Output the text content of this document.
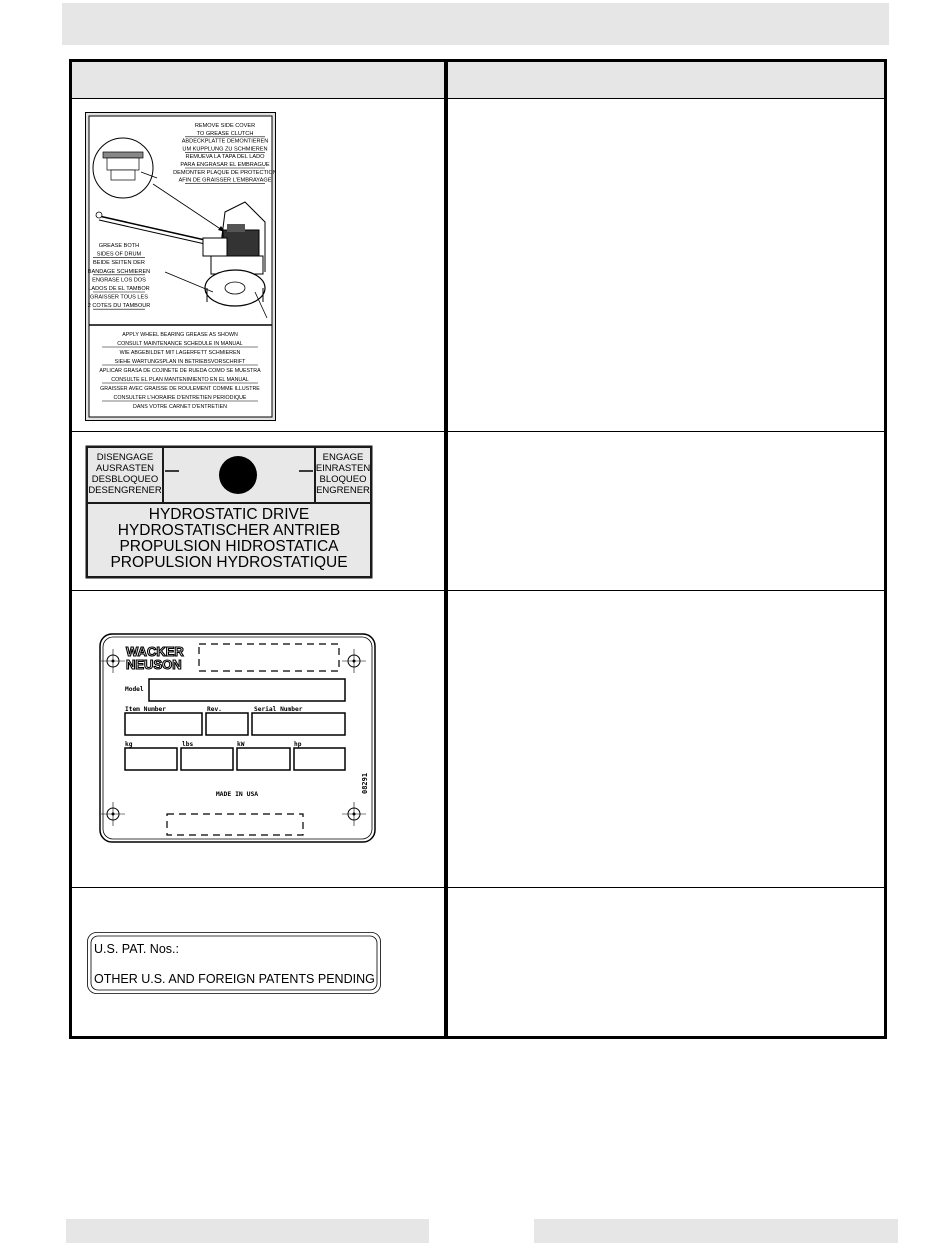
REMOVE SIDE COVER
TO GREASE CLUTCH
ABDECKPLATTE DEMONTIEREN
UM KUPPLUNG ZU SCHMIEREN
REMUEVA LA TAPA DEL LADO
PARA ENGRASAR EL EMBRAGUE
DEMONTER PLAQUE DE PROTECTION
AFIN DE GRAISSER L'EMBRAYAGE
GREASE BOTH
SIDES OF DRUM
BEIDE SEITEN DER
BANDAGE SCHMIEREN
ENGRASE LOS DOS
LADOS DE EL TAMBOR
GRAISSER TOUS LES
2 COTES DU TAMBOUR
APPLY WHEEL BEARING GREASE AS SHOWN
CONSULT MAINTENANCE SCHEDULE IN MANUAL
WIE ABGEBILDET MIT LAGERFETT SCHMIEREN
SIEHE WARTUNGSPLAN IN BETRIEBSVORSCHRIFT
APLICAR GRASA DE COJINETE DE RUEDA COMO SE MUESTRA
CONSULTE EL PLAN MANTENIMIENTO EN EL MANUAL
GRAISSER AVEC GRAISSE DE ROULEMENT COMME ILLUSTRE
CONSULTER L'HORAIRE D'ENTRETIEN PERIODIQUE
DANS VOTRE CARNET D'ENTRETIEN
DISENGAGE
AUSRASTEN
DESBLOQUEO
DESENGRENER
ENGAGE
EINRASTEN
BLOQUEO
ENGRENER
HYDROSTATIC DRIVE
HYDROSTATISCHER ANTRIEB
PROPULSION HIDROSTATICA
PROPULSION HYDROSTATIQUE
WACKER
NEUSON
Model
Item Number	Rev.	Serial Number
kg	lbs	kW	hp
MADE IN USA	08291
U.S. PAT. Nos.:
OTHER U.S. AND FOREIGN PATENTS PENDING
